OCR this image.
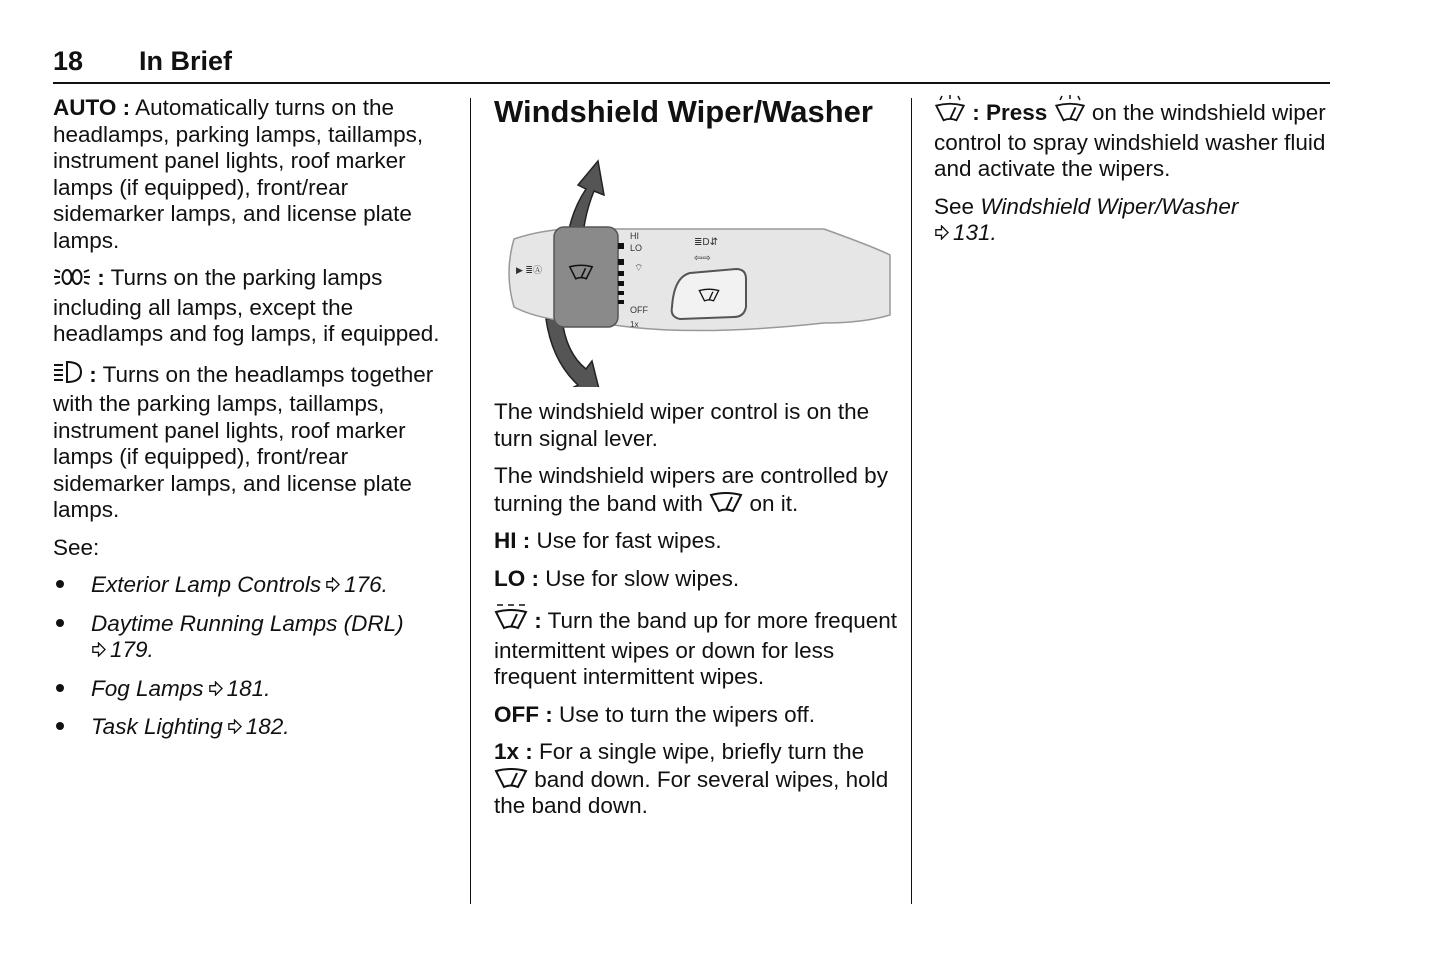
18 In Brief

AUTO : Automatically turns on the headlamps, parking lamps, taillamps, instrument panel lights, roof marker lamps (if equipped), front/rear sidemarker lamps, and license plate lamps.

: Turns on the parking lamps including all lamps, except the headlamps and fog lamps, if equipped.

: Turns on the headlamps together with the parking lamps, taillamps, instrument panel lights, roof marker lamps (if equipped), front/rear sidemarker lamps, and license plate lamps.

See:

Exterior Lamp Controls 176.
Daytime Running Lamps (DRL)
179.
Fog Lamps 181.
Task Lighting 182.
Windshield Wiper/Washer
▶ ≣Ⓐ
HI
LO
OFF
1x
⌔
≣D⇵
⇦⇨

The windshield wiper control is on the turn signal lever.

The windshield wipers are controlled by turning the band with on it.

HI : Use for fast wipes.

LO : Use for slow wipes.

: Turn the band up for more frequent intermittent wipes or down for less frequent intermittent wipes.

OFF : Use to turn the wipers off.

1x : For a single wipe, briefly turn the  band down. For several wipes, hold the band down.

: Press on the windshield wiper control to spray windshield washer fluid and activate the wipers.

See Windshield Wiper/Washer
131.
